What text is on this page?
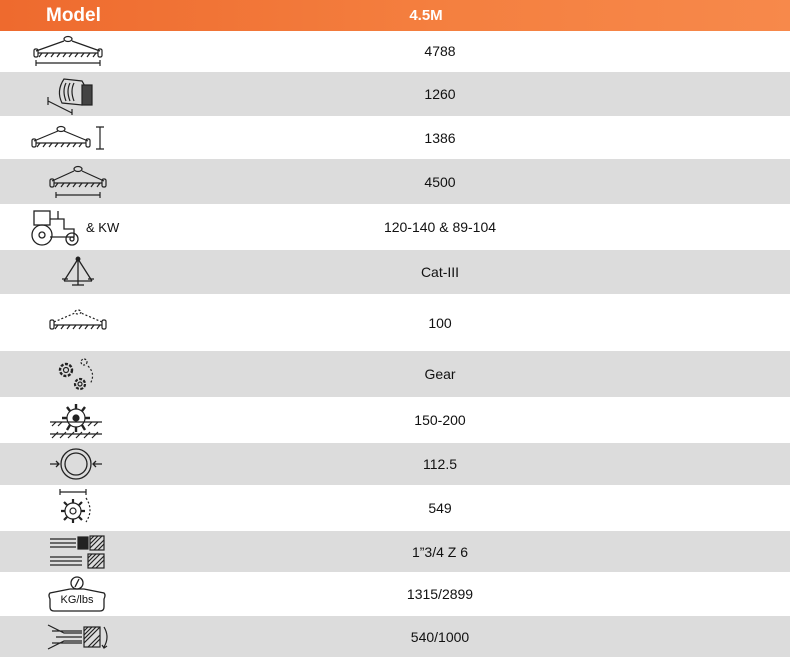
Model	4.5M
4788
1260
1386
4500
& KW	120-140 & 89-104
Cat-III
100
Gear
150-200
112.5
549
1”3/4 Z 6
KG/lbs	1315/2899
540/1000
